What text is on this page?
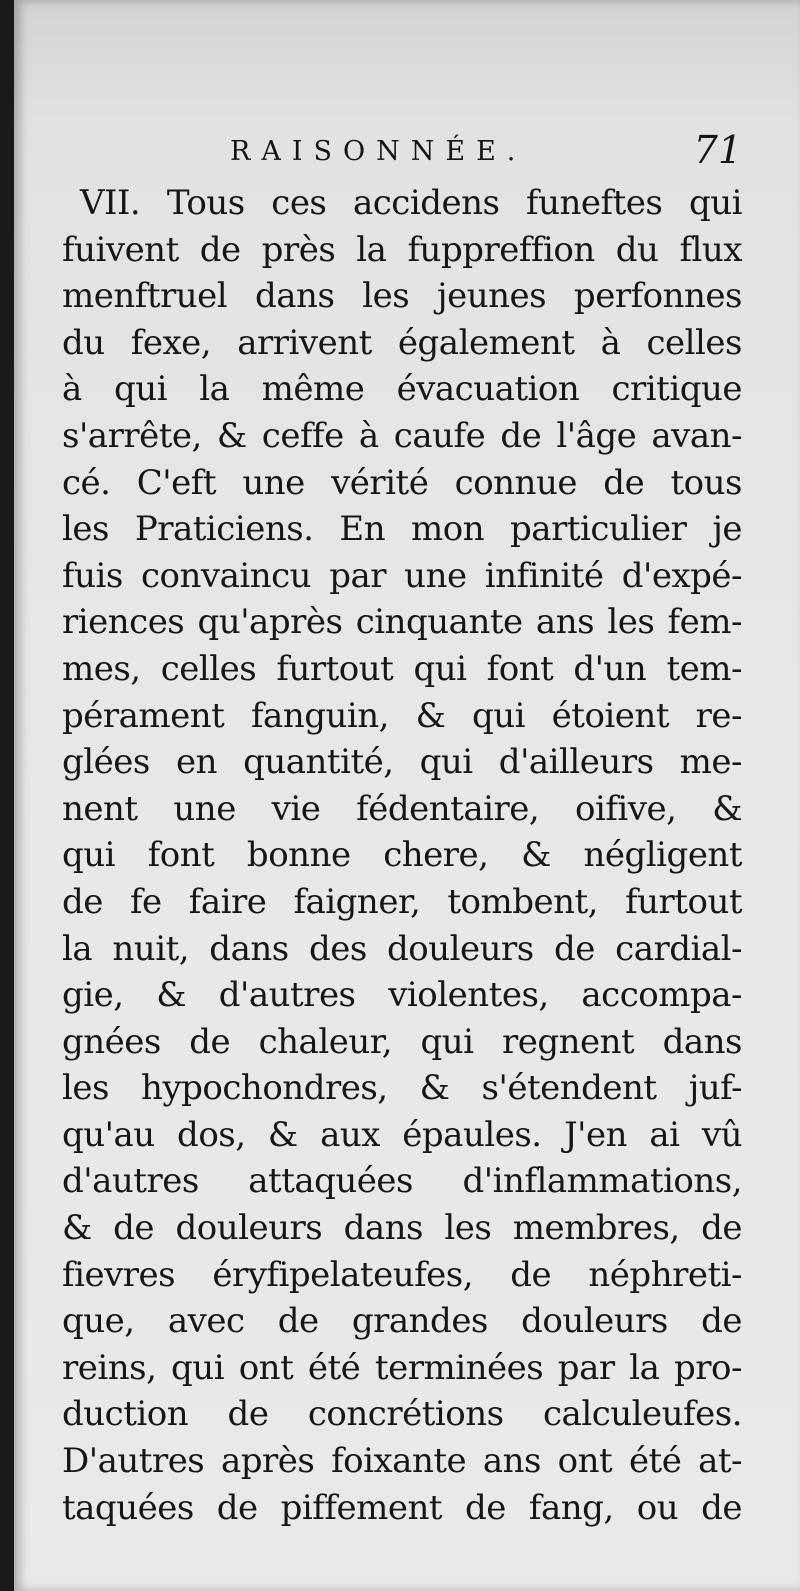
RAISONNÉE.	71
VII. Tous ces accidens funeftes qui
fuivent de près la fuppreffion du flux
menftruel dans les jeunes perfonnes
du fexe, arrivent également à celles
à qui la même évacuation critique
s'arrête, & ceffe à caufe de l'âge avan-
cé. C'eft une vérité connue de tous
les Praticiens. En mon particulier je
fuis convaincu par une infinité d'expé-
riences qu'après cinquante ans les fem-
mes, celles furtout qui font d'un tem-
pérament fanguin, & qui étoient re-
glées en quantité, qui d'ailleurs me-
nent une vie fédentaire, oifive, &
qui font bonne chere, & négligent
de fe faire faigner, tombent, furtout
la nuit, dans des douleurs de cardial-
gie, & d'autres violentes, accompa-
gnées de chaleur, qui regnent dans
les hypochondres, & s'étendent juf-
qu'au dos, & aux épaules. J'en ai vû
d'autres attaquées d'inflammations,
& de douleurs dans les membres, de
fievres éryfipelateufes, de néphreti-
que, avec de grandes douleurs de
reins, qui ont été terminées par la pro-
duction de concrétions calculeufes.
D'autres après foixante ans ont été at-
taquées de piffement de fang, ou de
